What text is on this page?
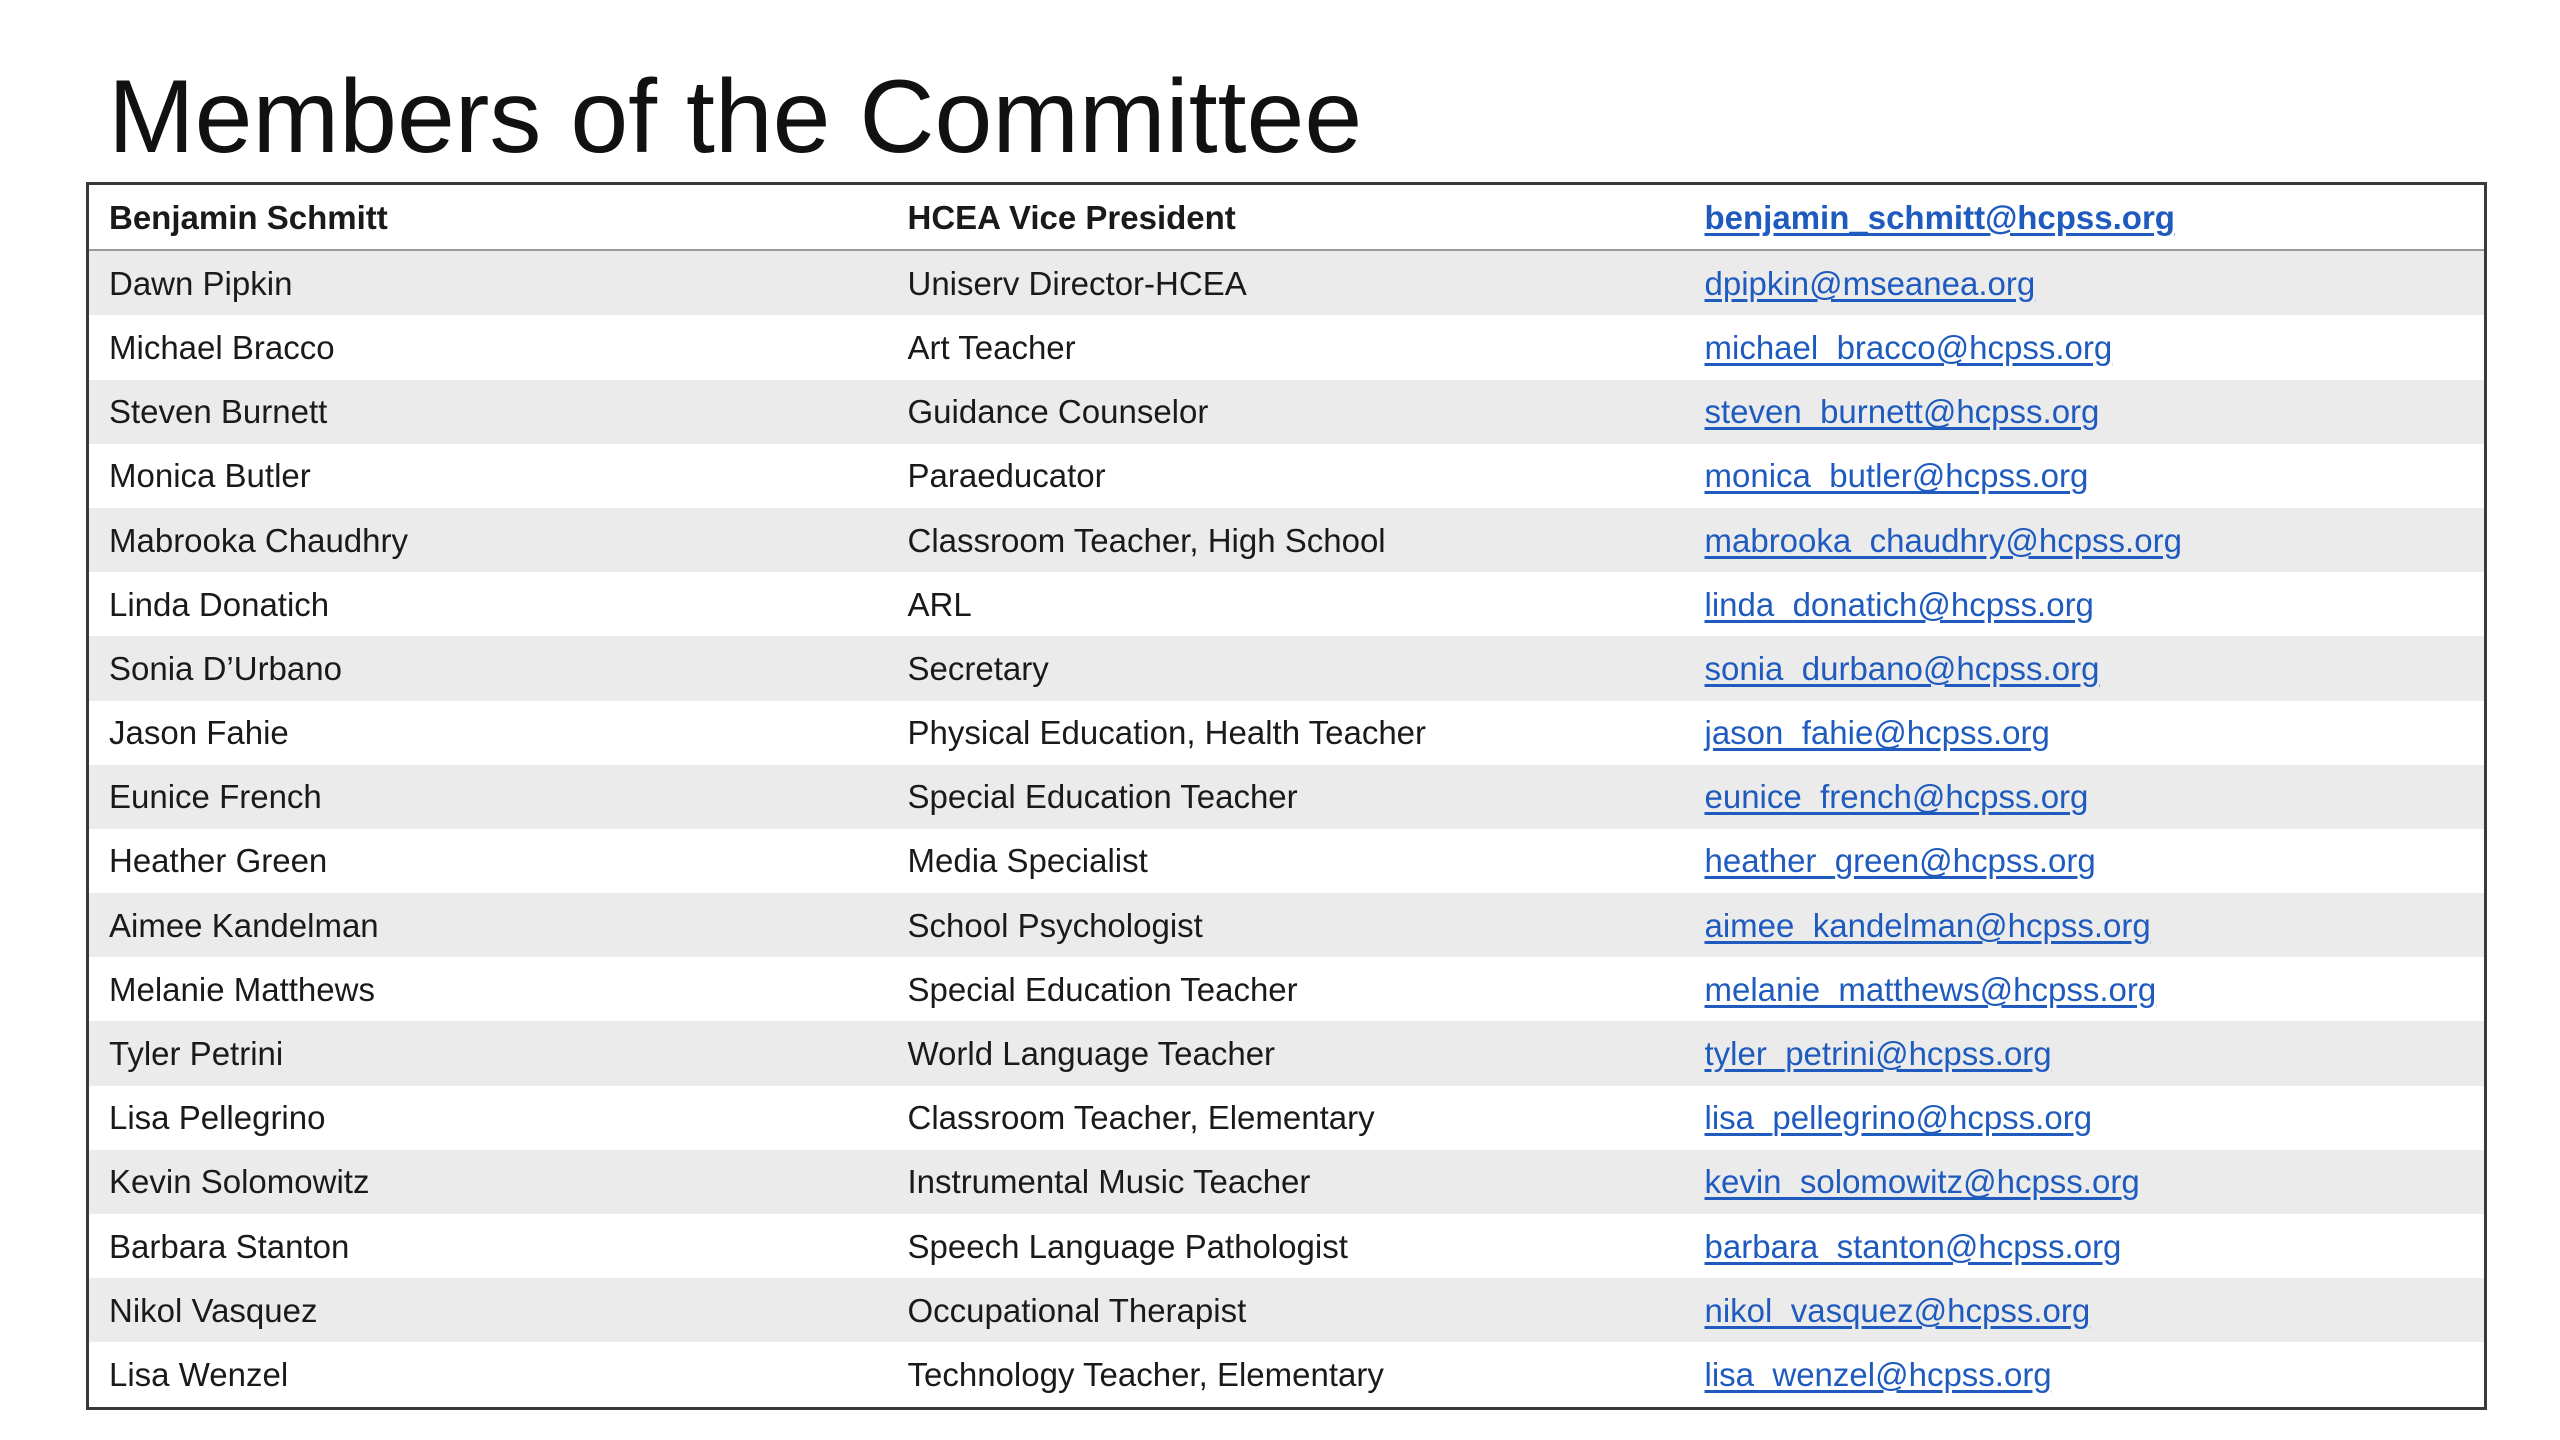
Members of the Committee
Benjamin Schmitt	HCEA Vice President	benjamin_schmitt@hcpss.org
Dawn Pipkin	Uniserv Director-HCEA	dpipkin@mseanea.org
Michael Bracco	Art Teacher	michael_bracco@hcpss.org
Steven Burnett	Guidance Counselor	steven_burnett@hcpss.org
Monica Butler	Paraeducator	monica_butler@hcpss.org
Mabrooka Chaudhry	Classroom Teacher, High School	mabrooka_chaudhry@hcpss.org
Linda Donatich	ARL	linda_donatich@hcpss.org
Sonia D’Urbano	Secretary	sonia_durbano@hcpss.org
Jason Fahie	Physical Education, Health Teacher	jason_fahie@hcpss.org
Eunice French	Special Education Teacher	eunice_french@hcpss.org
Heather Green	Media Specialist	heather_green@hcpss.org
Aimee Kandelman	School Psychologist	aimee_kandelman@hcpss.org
Melanie Matthews	Special Education Teacher	melanie_matthews@hcpss.org
Tyler Petrini	World Language Teacher	tyler_petrini@hcpss.org
Lisa Pellegrino	Classroom Teacher, Elementary	lisa_pellegrino@hcpss.org
Kevin Solomowitz	Instrumental Music Teacher	kevin_solomowitz@hcpss.org
Barbara Stanton	Speech Language Pathologist	barbara_stanton@hcpss.org
Nikol Vasquez	Occupational Therapist	nikol_vasquez@hcpss.org
Lisa Wenzel	Technology Teacher, Elementary	lisa_wenzel@hcpss.org
